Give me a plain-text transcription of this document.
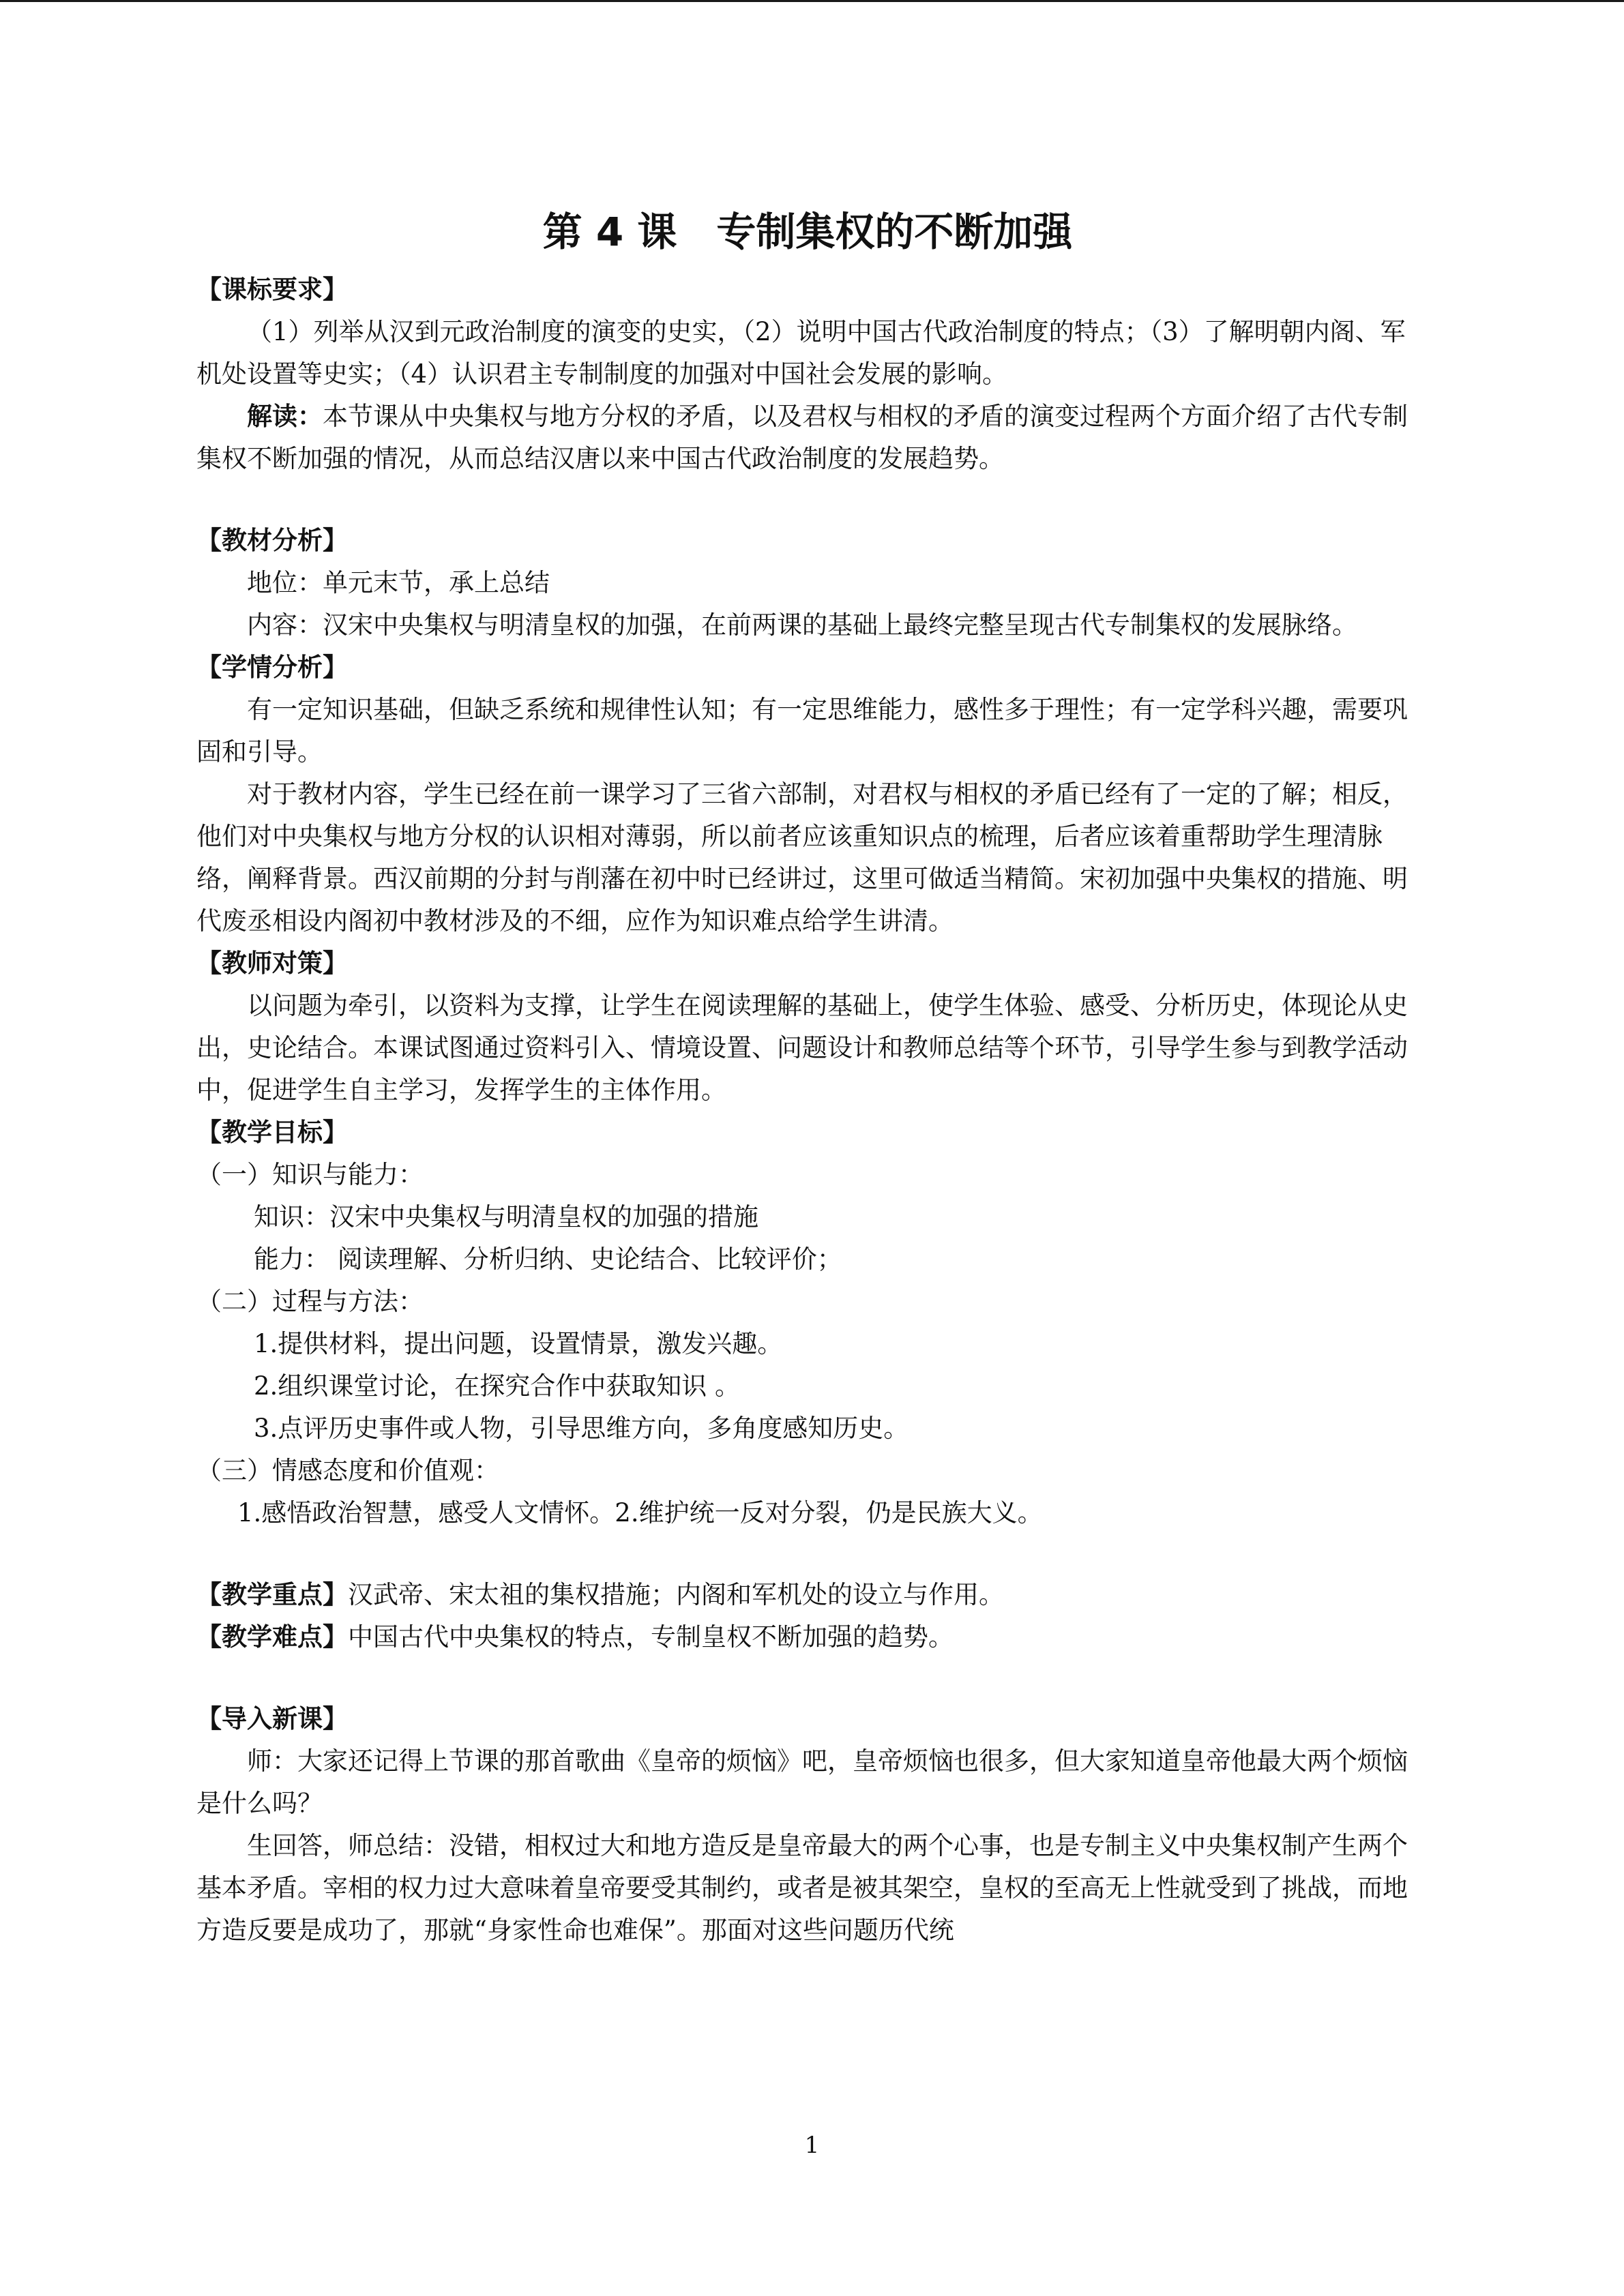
第 4 课　专制集权的不断加强

【课标要求】

（1）列举从汉到元政治制度的演变的史实，（2）说明中国古代政治制度的特点；（3）了解明朝内阁、军机处设置等史实；（4）认识君主专制制度的加强对中国社会发展的影响。

解读：本节课从中央集权与地方分权的矛盾，以及君权与相权的矛盾的演变过程两个方面介绍了古代专制集权不断加强的情况，从而总结汉唐以来中国古代政治制度的发展趋势。

【教材分析】

地位：单元末节，承上总结

内容：汉宋中央集权与明清皇权的加强，在前两课的基础上最终完整呈现古代专制集权的发展脉络。

【学情分析】

有一定知识基础，但缺乏系统和规律性认知；有一定思维能力，感性多于理性；有一定学科兴趣，需要巩固和引导。

对于教材内容，学生已经在前一课学习了三省六部制，对君权与相权的矛盾已经有了一定的了解；相反，他们对中央集权与地方分权的认识相对薄弱，所以前者应该重知识点的梳理，后者应该着重帮助学生理清脉络，阐释背景。西汉前期的分封与削藩在初中时已经讲过，这里可做适当精简。宋初加强中央集权的措施、明代废丞相设内阁初中教材涉及的不细，应作为知识难点给学生讲清。

【教师对策】

以问题为牵引，以资料为支撑，让学生在阅读理解的基础上，使学生体验、感受、分析历史，体现论从史出，史论结合。本课试图通过资料引入、情境设置、问题设计和教师总结等个环节，引导学生参与到教学活动中，促进学生自主学习，发挥学生的主体作用。

【教学目标】

（一）知识与能力：

知识：汉宋中央集权与明清皇权的加强的措施

能力： 阅读理解、分析归纳、史论结合、比较评价；

（二）过程与方法：

1.提供材料，提出问题，设置情景，激发兴趣。

2.组织课堂讨论，在探究合作中获取知识 。

3.点评历史事件或人物，引导思维方向，多角度感知历史。

（三）情感态度和价值观：

1.感悟政治智慧，感受人文情怀。2.维护统一反对分裂，仍是民族大义。

【教学重点】汉武帝、宋太祖的集权措施；内阁和军机处的设立与作用。

【教学难点】中国古代中央集权的特点，专制皇权不断加强的趋势。

【导入新课】

师：大家还记得上节课的那首歌曲《皇帝的烦恼》吧，皇帝烦恼也很多，但大家知道皇帝他最大两个烦恼是什么吗？

生回答，师总结：没错，相权过大和地方造反是皇帝最大的两个心事，也是专制主义中央集权制产生两个基本矛盾。宰相的权力过大意味着皇帝要受其制约，或者是被其架空，皇权的至高无上性就受到了挑战，而地方造反要是成功了，那就“身家性命也难保”。那面对这些问题历代统

1
